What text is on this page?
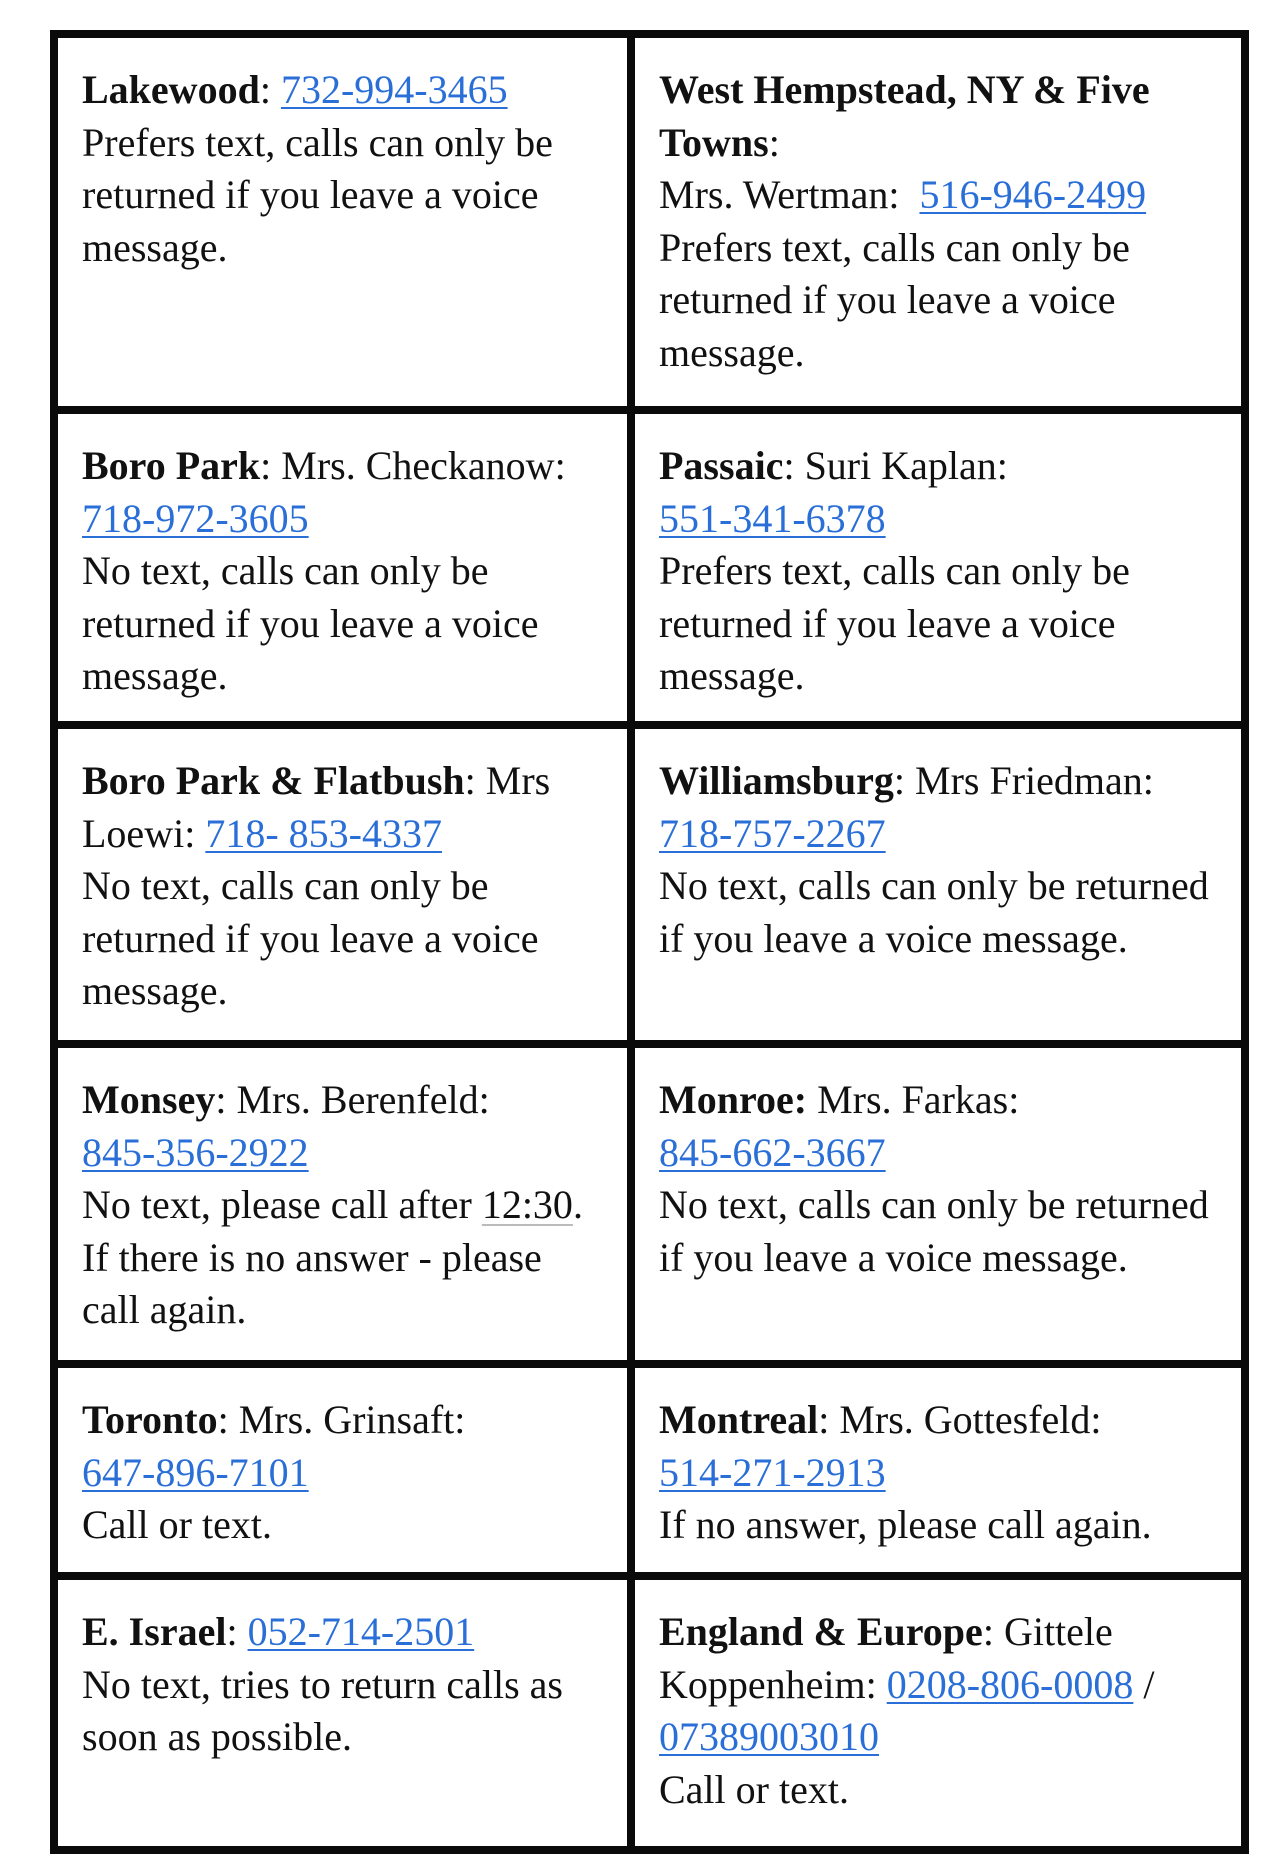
Lakewood: 732-994-3465
Prefers text, calls can only be returned if you leave a voice message.	West Hempstead, NY & Five Towns:
Mrs. Wertman: 516-946-2499
Prefers text, calls can only be returned if you leave a voice message.

Boro Park: Mrs. Checkanow:
718-972-3605
No text, calls can only be returned if you leave a voice message.	Passaic: Suri Kaplan:
551-341-6378
Prefers text, calls can only be returned if you leave a voice message.

Boro Park & Flatbush: Mrs Loewi: 718- 853-4337
No text, calls can only be returned if you leave a voice message.	Williamsburg: Mrs Friedman:
718-757-2267
No text, calls can only be returned if you leave a voice message.

Monsey: Mrs. Berenfeld:
845-356-2922
No text, please call after 12:30. If there is no answer - please call again.	Monroe: Mrs. Farkas:
845-662-3667
No text, calls can only be returned if you leave a voice message.

Toronto: Mrs. Grinsaft:
647-896-7101
Call or text.	Montreal: Mrs. Gottesfeld:
514-271-2913
If no answer, please call again.

E. Israel: 052-714-2501
No text, tries to return calls as soon as possible.	England & Europe: Gittele Koppenheim: 0208-806-0008 /
07389003010
Call or text.
